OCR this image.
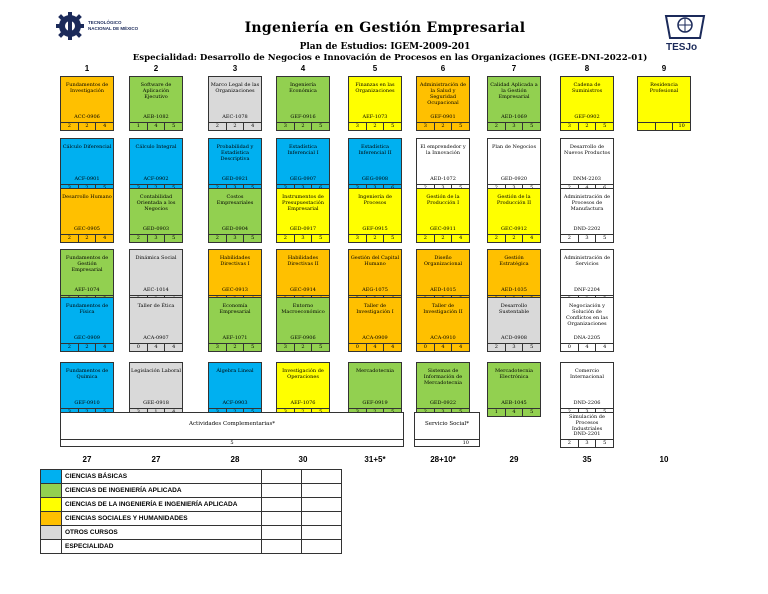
TECNOLÓGICO
NACIONAL DE MÉXICO
TESJo
Ingeniería en Gestión Empresarial
Plan de Estudios: IGEM-2009-201
Especialidad: Desarrollo de Negocios e Innovación de Procesos en las Organizaciones (IGEE-DNI-2022-01)
1	2	3	4	5	6	7	8	9
Fundamentos de Investigación
ACC-0906
2	2	4
Software de Aplicación Ejecutivo
AEB-1082
1	4	5
Marco Legal de las Organizaciones
AEC-1078
2	2	4
Ingeniería Económica
GEF-0916
3	2	5
Finanzas en las Organizaciones
AEF-1073
3	2	5
Administración de la Salud y Seguridad Ocupacional
GEF-0901
3	2	5
Calidad Aplicada a la Gestión Empresarial
AED-1069
2	3	5
Cadena de Suministros
GEF-0902
3	2	5
Residencia Profesional
10
Cálculo Diferencial
ACF-0901
Cálculo Integral
ACF-0902
Probabilidad y Estadística Descriptiva
GED-0921
Estadística Inferencial I
GEG-0907
Estadística Inferencial II
GEG-0908
El emprendedor y la Innovación
AED-1072
Plan de Negocios
GED-0920
Desarrollo de Nuevos Productos
DNM-2203
Desarrollo Humano
GEC-0905
2	2	4
Contabilidad Orientada a los Negocios
GED-0903
2	3	5
Costos Empresariales
GED-0904
2	3	5
Instrumentos de Presupuestación Empresarial
GED-0917
2	3	5
Ingeniería de Procesos
GEF-0915
3	2	5
Gestión de la Producción I
GEC-0911
2	2	4
Gestión de la Producción II
GEC-0912
2	2	4
Administración de Procesos de Manufactura
DND-2202
2	3	5
Fundamentos de Gestión Empresarial
AEF-1074
Dinámica Social
AEC-1014
Habilidades Directivas I
GEC-0913
Habilidades Directivas II
GEC-0914
Gestión del Capital Humano
AEG-1075
Diseño Organizacional
AED-1015
Gestión Estratégica
AED-1035
Administración de Servicios
DNF-2204
Fundamentos de Física
GEC-0909
2	2	4
Taller de Ética
ACA-0907
0	4	4
Economía Empresarial
AEF-1071
3	2	5
Entorno Macroeconómico
GEF-0906
3	2	5
Taller de Investigación I
ACA-0909
0	4	4
Taller de Investigación II
ACA-0910
0	4	4
Desarrollo Sustentable
ACD-0908
2	3	5
Negociación y Solución de Conflictos en las Organizaciones
DNA-2205
0	4	4
Fundamentos de Química
GEF-0910
Legislación Laboral
GEE-0918
Álgebra Lineal
ACF-0903
Investigación de Operaciones
AEF-1076
Mercadotecnia
GEF-0919
Sistemas de Información de Mercadotecnia
GED-0922
Mercadotecnia Electrónica
AEB-1045
1	4	5
Comercio Internacional
DND-2206
Simulación de Procesos Industriales
DND-2201
2	3	5
Actividades Complementarias*
5
Servicio Social*
10
27	27	28	30	31+5*	28+10*	29	35	10
	CIENCIAS BÁSICAS		
	CIENCIAS DE INGENIERÍA APLICADA		
	CIENCIAS DE LA INGENIERÍA E INGENIERÍA APLICADA		
	CIENCIAS SOCIALES Y HUMANIDADES		
	OTROS CURSOS		
	ESPECIALIDAD		
